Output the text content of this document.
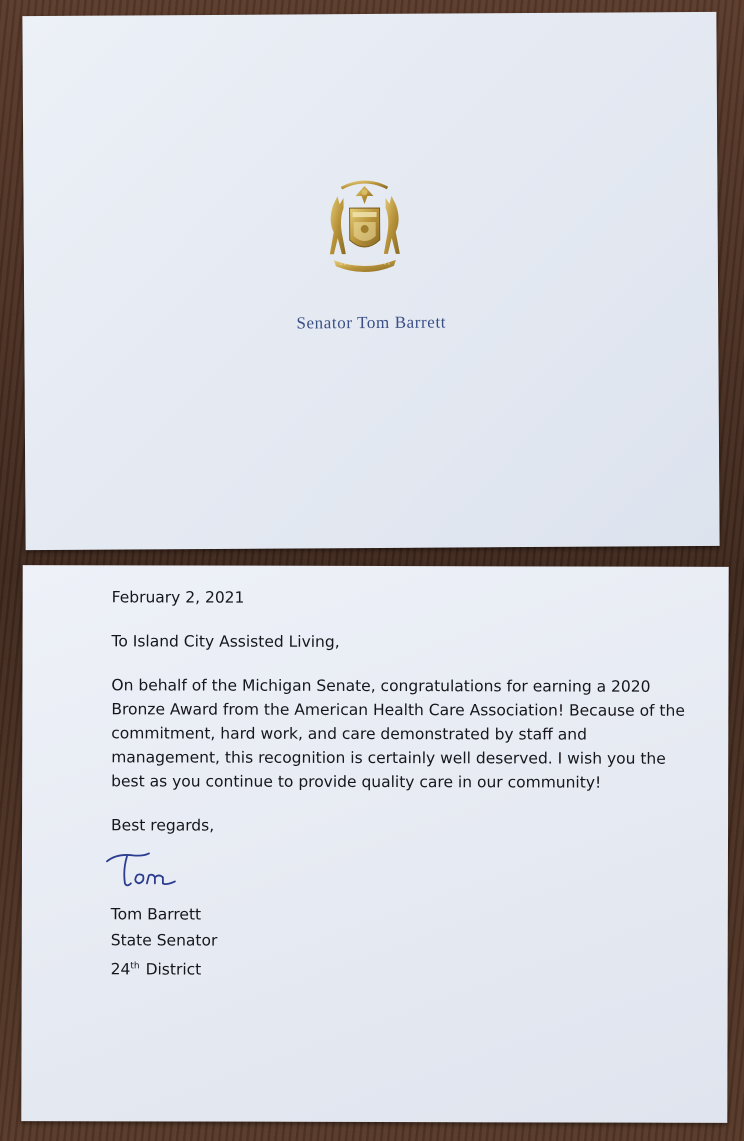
Senator Tom Barrett

February 2, 2021

To Island City Assisted Living,

On behalf of the Michigan Senate, congratulations for earning a 2020 Bronze Award from the American Health Care Association! Because of the commitment, hard work, and care demonstrated by staff and management, this recognition is certainly well deserved. I wish you the best as you continue to provide quality care in our community!

Best regards,

Tom Barrett

State Senator

24th District
